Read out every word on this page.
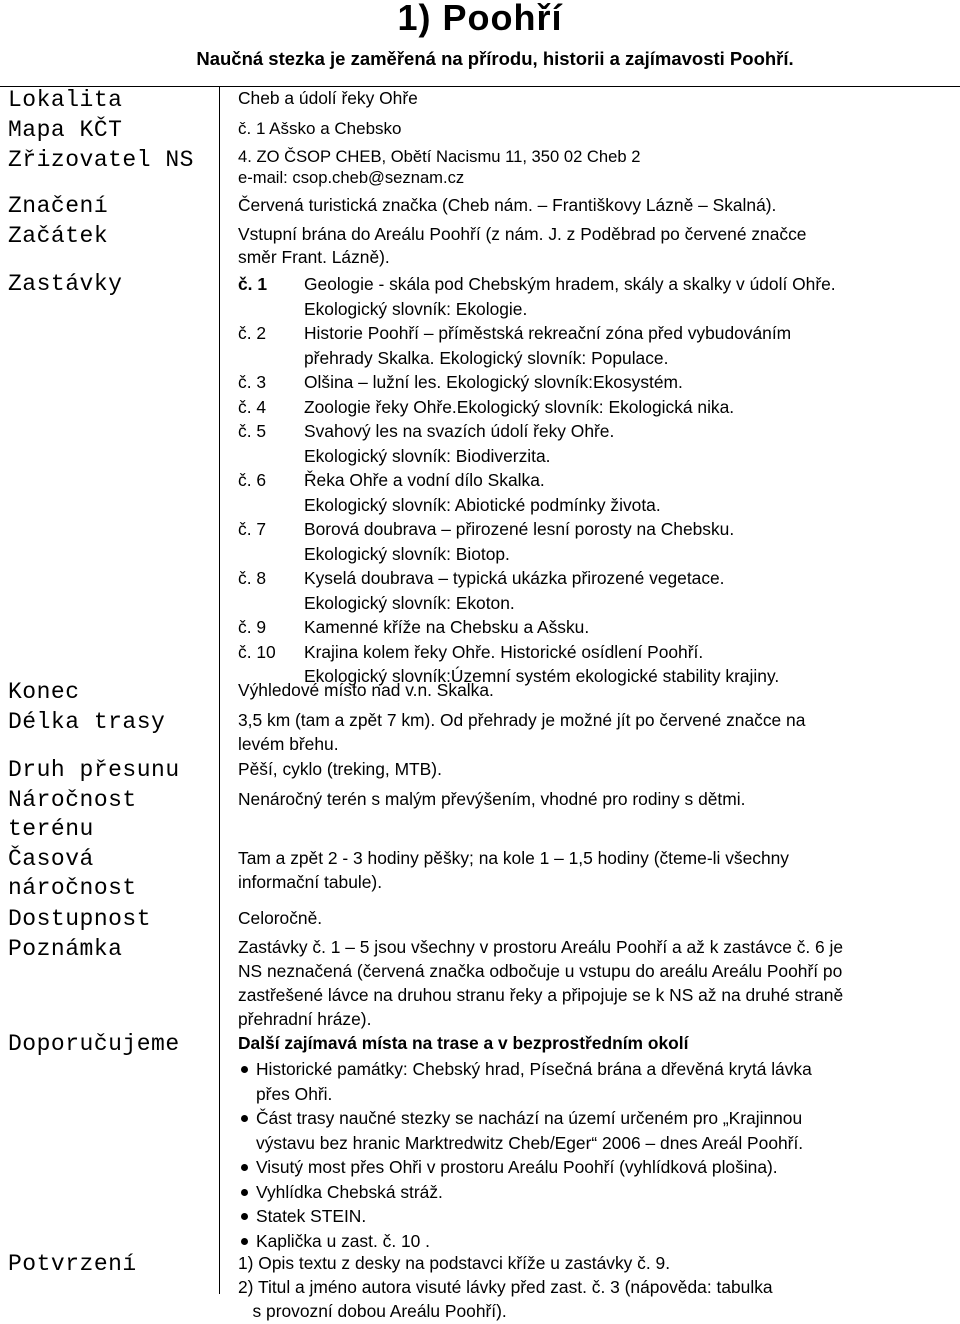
1) Poohří
Naučná stezka je zaměřená na přírodu, historii a zajímavosti Poohří.
Lokalita
Mapa KČT
Zřizovatel NS
Značení
Začátek
Zastávky
Konec
Délka trasy
Druh přesunu
Náročnost
terénu
Časová
náročnost
Dostupnost
Poznámka
Doporučujeme
Potvrzení
Cheb a údolí řeky Ohře
č. 1 Ašsko a Chebsko
4. ZO ČSOP CHEB, Obětí Nacismu 11, 350 02 Cheb 2
e-mail: csop.cheb@seznam.cz
Červená turistická značka (Cheb nám. – Františkovy Lázně – Skalná).
Vstupní brána do Areálu Poohří (z nám. J. z Poděbrad po červené značce
směr Frant. Lázně).
č. 1 Geologie - skála pod Chebským hradem, skály a skalky v údolí Ohře.
Ekologický slovník: Ekologie.
č. 2 Historie Poohří – příměstská rekreační zóna před vybudováním
přehrady Skalka. Ekologický slovník: Populace.
č. 3 Olšina – lužní les. Ekologický slovník:Ekosystém.
č. 4 Zoologie řeky Ohře.Ekologický slovník: Ekologická nika.
č. 5 Svahový les na svazích údolí řeky Ohře.
Ekologický slovník: Biodiverzita.
č. 6 Řeka Ohře a vodní dílo Skalka.
Ekologický slovník: Abiotické podmínky života.
č. 7 Borová doubrava – přirozené lesní porosty na Chebsku.
Ekologický slovník: Biotop.
č. 8 Kyselá doubrava – typická ukázka přirozené vegetace.
Ekologický slovník: Ekoton.
č. 9 Kamenné kříže na Chebsku a Ašsku.
č. 10 Krajina kolem řeky Ohře. Historické osídlení Poohří.
Ekologický slovník:Územní systém ekologické stability krajiny.
Výhledové místo nad v.n. Skalka.
3,5 km (tam a zpět 7 km). Od přehrady je možné jít po červené značce na
levém břehu.
Pěší, cyklo (treking, MTB).
Nenáročný terén s malým převýšením, vhodné pro rodiny s dětmi.
Tam a zpět 2 - 3 hodiny pěšky; na kole 1 – 1,5 hodiny (čteme-li všechny
informační tabule).
Celoročně.
Zastávky č. 1 – 5 jsou všechny v prostoru Areálu Poohří a až k zastávce č. 6 je
NS neznačená (červená značka odbočuje u vstupu do areálu Areálu Poohří po
zastřešené lávce na druhou stranu řeky a připojuje se k NS až na druhé straně
přehradní hráze).
Další zajímavá místa na trase a v bezprostředním okolí
Historické památky: Chebský hrad, Písečná brána a dřevěná krytá lávka
přes Ohři.
Část trasy naučné stezky se nachází na území určeném pro „Krajinnou
výstavu bez hranic Marktredwitz Cheb/Eger“ 2006 – dnes Areál Poohří.
Visutý most přes Ohři v prostoru Areálu Poohří (vyhlídková plošina).
Vyhlídka Chebská stráž.
Statek STEIN.
Kaplička u zast. č. 10 .
1) Opis textu z desky na podstavci kříže u zastávky č. 9.
2) Titul a jméno autora visuté lávky před zast. č. 3 (nápověda: tabulka
s provozní dobou Areálu Poohří).
